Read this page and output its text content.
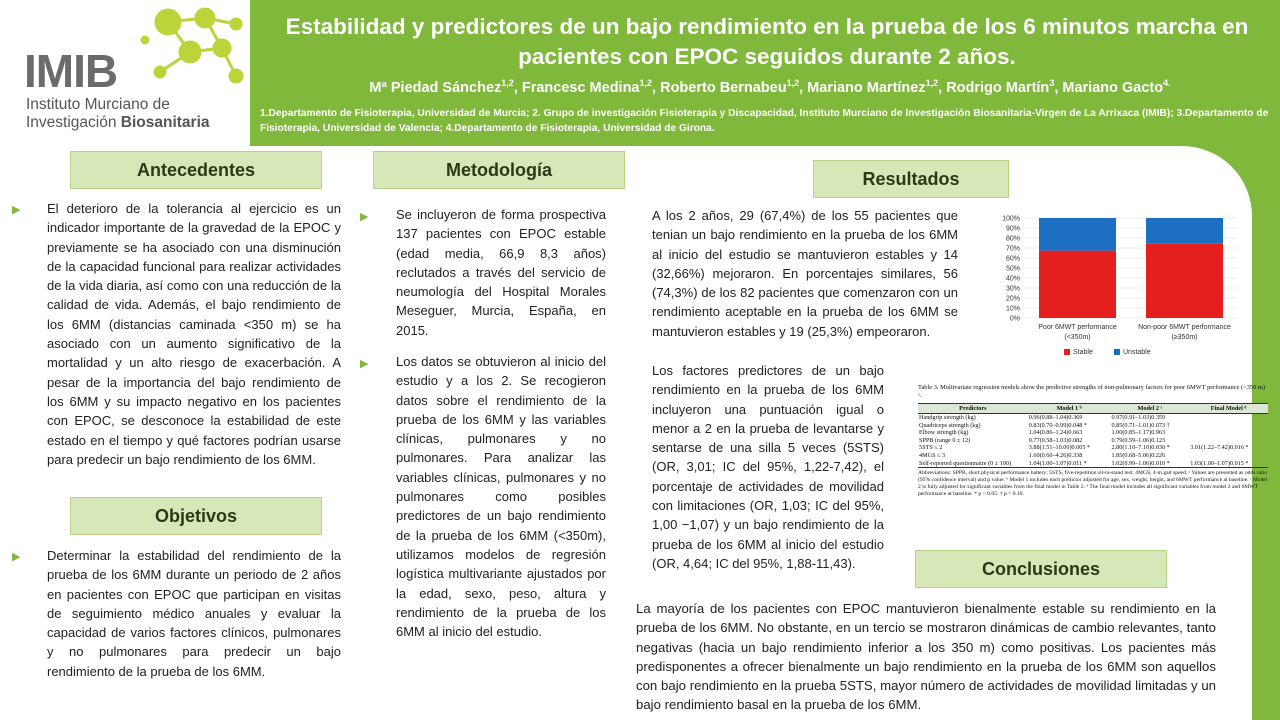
IMIB
Instituto Murciano de
Investigación Biosanitaria
Estabilidad y predictores de un bajo rendimiento en la prueba de los 6 minutos marcha en pacientes con EPOC seguidos durante 2 años.
Mª Piedad Sánchez$^{1,2}$, Francesc Medina$^{1,2}$, Roberto Bernabeu$^{1,2}$, Mariano Martínez$^{1,2}$, Rodrigo Martín$^3$, Mariano Gacto$^{4.}$
1.Departamento de Fisioterapia, Universidad de Murcia; 2. Grupo de investigación Fisioterapia y Discapacidad, Instituto Murciano de Investigación Biosanitaria-Virgen de La Arrixaca (IMIB); 3.Departamento de Fisioterapia, Universidad de Valencia; 4.Departamento de Fisioterapia, Universidad de Girona.
Antecedentes
▶ El deterioro de la tolerancia al ejercicio es un indicador importante de la gravedad de la EPOC y previamente se ha asociado con una disminución de la capacidad funcional para realizar actividades de la vida diaria, así como con una reducción de la calidad de vida. Además, el bajo rendimiento de los 6MM (distancias caminada <350 m) se ha asociado con un aumento significativo de la mortalidad y un alto riesgo de exacerbación. A pesar de la importancia del bajo rendimiento de los 6MM y su impacto negativo en los pacientes con EPOC, se desconoce la estabilidad de este estado en el tiempo y qué factores podrían usarse para predecir un bajo rendimiento de los 6MM.
Objetivos
▶ Determinar la estabilidad del rendimiento de la prueba de los 6MM durante un periodo de 2 años en pacientes con EPOC que participan en visitas de seguimiento médico anuales y evaluar la capacidad de varios factores clínicos, pulmonares y no pulmonares para predecir un bajo rendimiento de la prueba de los 6MM.
Metodología
▶ Se incluyeron de forma prospectiva 137 pacientes con EPOC estable (edad media, 66,9 8,3 años) reclutados a través del servicio de neumología del Hospital Morales Meseguer, Murcia, España, en 2015.
▶ Los datos se obtuvieron al inicio del estudio y a los 2. Se recogieron datos sobre el rendimiento de la prueba de los 6MM y las variables clínicas, pulmonares y no pulmonares. Para analizar las variables clínicas, pulmonares y no pulmonares como posibles predictores de un bajo rendimiento de la prueba de los 6MM (<350m), utilizamos modelos de regresión logística multivariante ajustados por la edad, sexo, peso, altura y rendimiento de la prueba de los 6MM al inicio del estudio.
Resultados
A los 2 años, 29 (67,4%) de los 55 pacientes que tenian un bajo rendimiento en la prueba de los 6MM al inicio del estudio se mantuvieron estables y 14 (32,66%) mejoraron. En porcentajes similares, 56 (74,3%) de los 82 pacientes que comenzaron con un rendimiento aceptable en la prueba de los 6MM se mantuvieron estables y 19 (25,3%) empeoraron.
Los factores predictores de un bajo rendimiento en la prueba de los 6MM incluyeron una puntuación igual o menor a 2 en la prueba de levantarse y sentarse de una silla 5 veces (5STS) (OR, 3,01; IC del 95%, 1,22-7,42), el porcentaje de actividades de movilidad con limitaciones (OR, 1,03; IC del 95%, 1,00 −1,07) y un bajo rendimiento de la prueba de los 6MM al inicio del estudio (OR, 4,64; IC del 95%, 1,88-11,43).
0%
10%
20%
30%
40%
50%
60%
70%
80%
90%
100%
Poor 6MWT performance
(<350m)
Non-poor 6MWT performance
(≥350m)
Stable	Unstable
Table 3. Multivariate regression models show the predictive strengths of non-pulmonary factors for poor 6MWT performance (<350 m) ᵃ.
Predictors	Model 1 ᵇ	Model 2 ᶜ	Final Model ᵈ
Handgrip strength (kg)	0.96(0.88–1.04)0.369	0.97(0.91–1.03)0.359	
Quadriceps strength (kg)	0.83(0.70–0.99)0.048 *	0.85(0.71–1.01)0.073 †	
Elbow strength (kg)	1.04(0.86–1.24)0.663	1.00(0.85–1.17)0.963	
SPPB (range 0 ± 12)	0.77(0.58–1.03)0.082	0.79(0.59–1.06)0.123	
5STS ≤ 2	3.88(1.51–10.00)0.005 *	2.80(1.10–7.10)0.030 *	3.01(1.22–7.42)0.016 *
4MGS ≤ 3	1.60(0.60–4.26)0.338	1.85(0.68–5.06)0.226	
Self-reported questionnaire (0 ± 100)	1.04(1.00–1.07)0.011 *	1.02(0.99–1.06)0.010 *	1.03(1.00–1.07)0.015 *
Abbreviations: SPPB, short physical performance battery; 5STS, five-repetition sit-to-stand test; 4MGS, 4-m gait speed. ᵃ Values are presented as odds ratio (95% confidence interval) and p value. ᵇ Model 1 includes each predictor adjusted for age, sex, weight, height, and 6MWT performance at baseline. ᶜ Model 2 is fully adjusted for significant variables from the final model in Table 2. ᵈ The final model includes all significant variables from model 2 and 6MWT performance at baseline. * p < 0.05. † p < 0.10.
Conclusiones
La mayoría de los pacientes con EPOC mantuvieron bienalmente estable su rendimiento en la prueba de los 6MM. No obstante, en un tercio se mostraron dinámicas de cambio relevantes, tanto negativas (hacia un bajo rendimiento inferior a los 350 m) como positivas. Los pacientes más predisponentes a ofrecer bienalmente un bajo rendimiento en la prueba de los 6MM son aquellos con bajo rendimiento en la prueba 5STS, mayor número de actividades de movilidad limitadas y un bajo rendimiento basal en la prueba de los 6MM.
